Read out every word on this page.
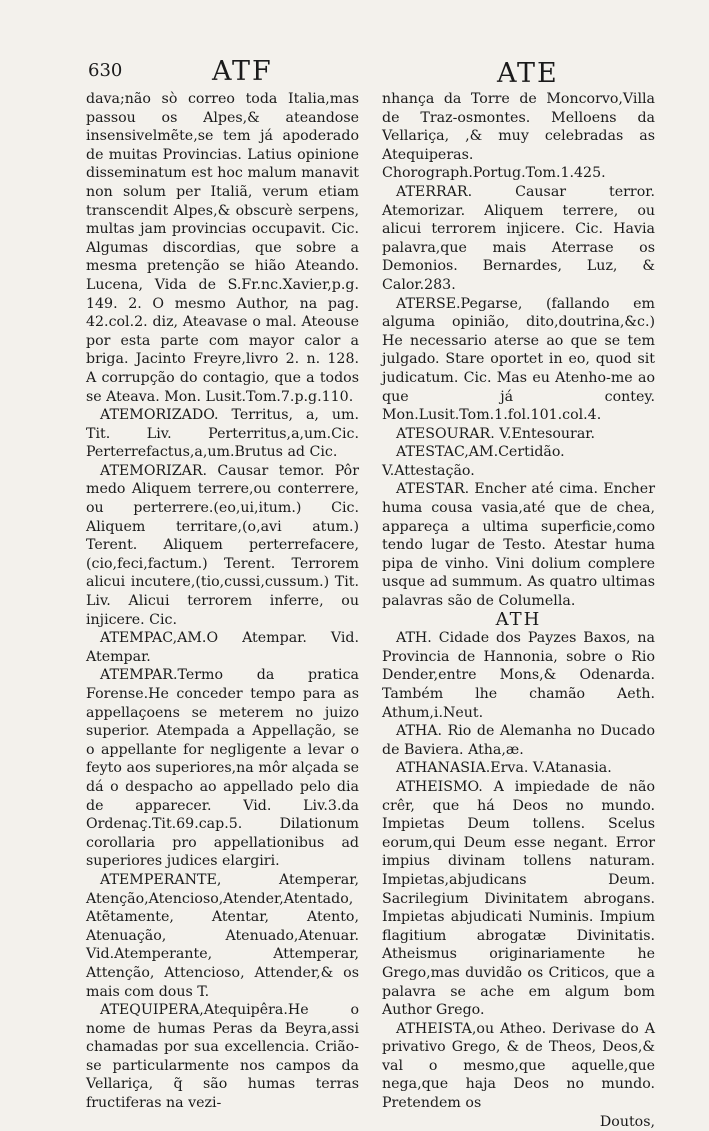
630	ATF	ATE

dava;não sò correo toda Italia,mas passou os Alpes,& ateandose insensivelmẽte,se tem já apoderado de muitas Provincias. Latius opinione disseminatum est hoc malum manavit non solum per Italiã, verum etiam transcendit Alpes,& obscurè serpens, multas jam provincias occupavit. Cic. Algumas discordias, que sobre a mesma pretenção se hião Ateando. Lucena, Vida de S.Fr.nc.Xavier,p.g. 149. 2. O mesmo Author, na pag. 42.col.2. diz, Ateavase o mal. Ateouse por esta parte com mayor calor a briga. Jacinto Freyre,livro 2. n. 128. A corrupção do contagio, que a todos se Ateava. Mon. Lusit.Tom.7.p.g.110.

ATEMORIZADO. Territus, a, um. Tit. Liv. Perterritus,a,um.Cic. Perterrefactus,a,um.Brutus ad Cic.

ATEMORIZAR. Causar temor. Pôr medo Aliquem terrere,ou conterrere, ou perterrere.(eo,ui,itum.) Cic. Aliquem territare,(o,avi atum.) Terent. Aliquem perterrefacere,(cio,feci,factum.) Terent. Terrorem alicui incutere,(tio,cussi,cussum.) Tit. Liv. Alicui terrorem inferre, ou injicere. Cic.

ATEMPAC,AM.O Atempar. Vid. Atempar.

ATEMPAR.Termo da pratica Forense.He conceder tempo para as appellaçoens se meterem no juizo superior. Atempada a Appellação, se o appellante for negligente a levar o feyto aos superiores,na môr alçada se dá o despacho ao appellado pelo dia de apparecer. Vid. Liv.3.da Ordenaç.Tit.69.cap.5. Dilationum corollaria pro appellationibus ad superiores judices elargiri.

ATEMPERANTE, Atemperar, Atenção,Atencioso,Atender,Atentado, Atẽtamente, Atentar, Atento, Atenuação, Atenuado,Atenuar. Vid.Atemperante, Attemperar, Attenção, Attencioso, Attender,& os mais com dous T.

ATEQUIPERA,Atequipêra.He o nome de humas Peras da Beyra,assi chamadas por sua excellencia. Crião-se particularmente nos campos da Vellariça, q̃ são humas terras fructiferas na vezi-

nhança da Torre de Moncorvo,Villa de Traz-osmontes. Melloens da Vellariça, ,& muy celebradas as Atequiperas. Chorograph.Portug.Tom.1.425.

ATERRAR. Causar terror. Atemorizar. Aliquem terrere, ou alicui terrorem injicere. Cic. Havia palavra,que mais Aterrase os Demonios. Bernardes, Luz, & Calor.283.

ATERSE.Pegarse, (fallando em alguma opinião, dito,doutrina,&c.) He necessario aterse ao que se tem julgado. Stare oportet in eo, quod sit judicatum. Cic. Mas eu Atenho-me ao que já contey. Mon.Lusit.Tom.1.fol.101.col.4.

ATESOURAR. V.Entesourar.

ATESTAC,AM.Certidão. V.Attestação.

ATESTAR. Encher até cima. Encher huma cousa vasia,até que de chea, appareça a ultima superficie,como tendo lugar de Testo. Atestar huma pipa de vinho. Vini dolium complere usque ad summum. As quatro ultimas palavras são de Columella.

ATH

ATH. Cidade dos Payzes Baxos, na Provincia de Hannonia, sobre o Rio Dender,entre Mons,& Odenarda. Também lhe chamão Aeth. Athum,i.Neut.

ATHA. Rio de Alemanha no Ducado de Baviera. Atha,æ.

ATHANASIA.Erva. V.Atanasia.

ATHEISMO. A impiedade de não crêr, que há Deos no mundo. Impietas Deum tollens. Scelus eorum,qui Deum esse negant. Error impius divinam tollens naturam. Impietas,abjudicans Deum. Sacrilegium Divinitatem abrogans. Impietas abjudicati Numinis. Impium flagitium abrogatæ Divinitatis. Atheismus originariamente he Grego,mas duvidão os Criticos, que a palavra se ache em algum bom Author Grego.

ATHEISTA,ou Atheo. Derivase do A privativo Grego, & de Theos, Deos,& val o mesmo,que aquelle,que nega,que haja Deos no mundo. Pretendem os

Doutos,
